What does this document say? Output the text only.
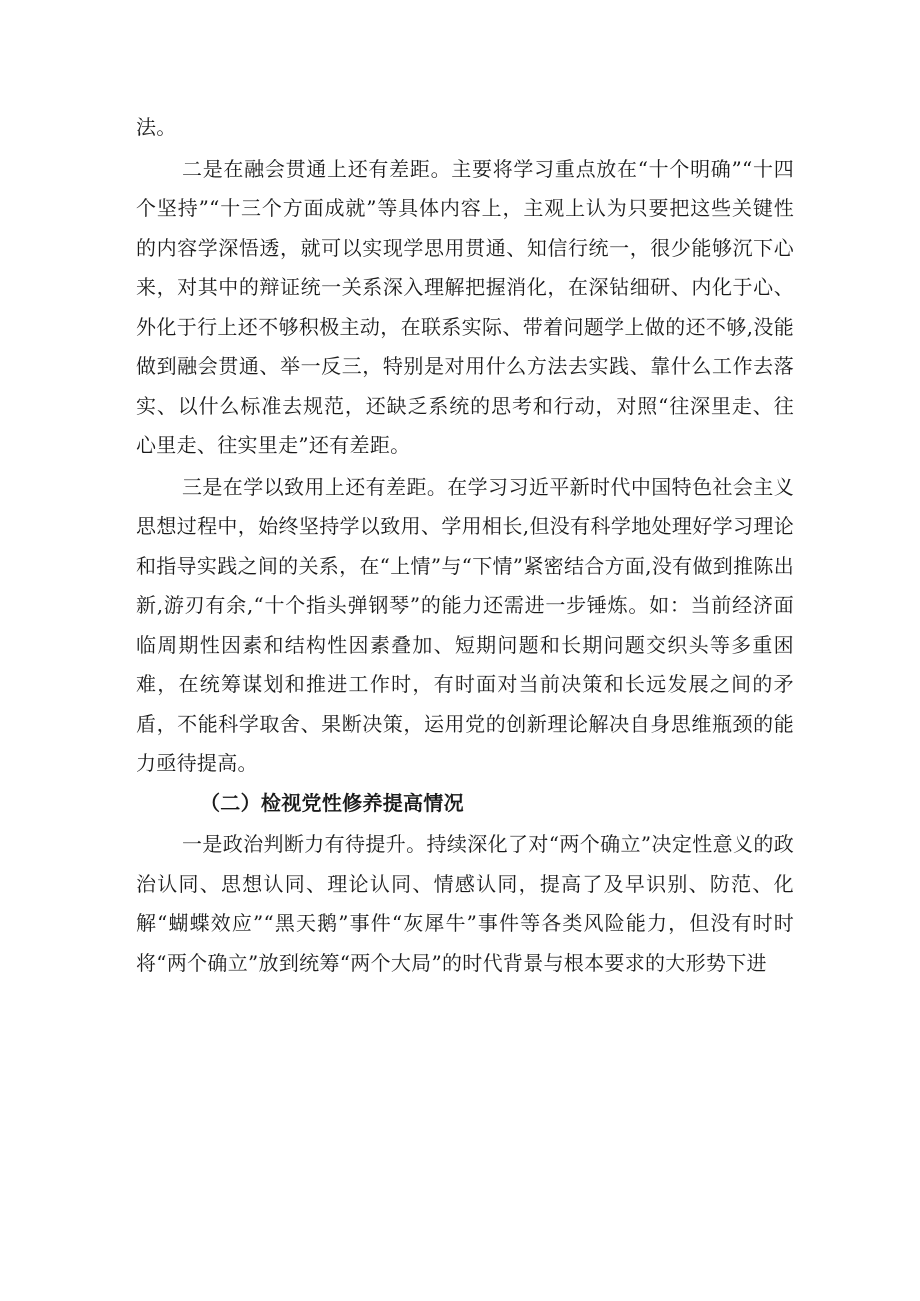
法。

二是在融会贯通上还有差距。主要将学习重点放在“十个明确”“十四个坚持”“十三个方面成就”等具体内容上，主观上认为只要把这些关键性的内容学深悟透，就可以实现学思用贯通、知信行统一，很少能够沉下心来，对其中的辩证统一关系深入理解把握消化，在深钻细研、内化于心、外化于行上还不够积极主动，在联系实际、带着问题学上做的还不够,没能做到融会贯通、举一反三，特别是对用什么方法去实践、靠什么工作去落实、以什么标准去规范，还缺乏系统的思考和行动，对照“往深里走、往心里走、往实里走”还有差距。

三是在学以致用上还有差距。在学习习近平新时代中国特色社会主义思想过程中，始终坚持学以致用、学用相长,但没有科学地处理好学习理论和指导实践之间的关系，在“上情”与“下情”紧密结合方面,没有做到推陈出新,游刃有余,“十个指头弹钢琴”的能力还需进一步锤炼。如：当前经济面临周期性因素和结构性因素叠加、短期问题和长期问题交织头等多重困难，在统筹谋划和推进工作时，有时面对当前决策和长远发展之间的矛盾，不能科学取舍、果断决策，运用党的创新理论解决自身思维瓶颈的能力亟待提高。

（二）检视党性修养提高情况

一是政治判断力有待提升。持续深化了对“两个确立”决定性意义的政治认同、思想认同、理论认同、情感认同，提高了及早识别、防范、化解“蝴蝶效应”“黑天鹅”事件“灰犀牛”事件等各类风险能力，但没有时时将“两个确立”放到统筹“两个大局”的时代背景与根本要求的大形势下进
